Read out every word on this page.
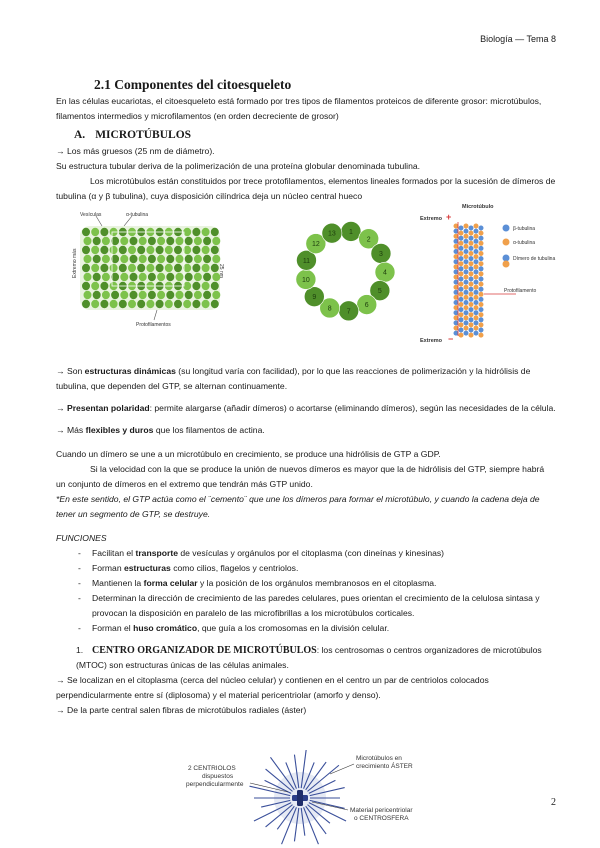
Biología — Tema 8
2.1 Componentes del citoesqueleto

En las células eucariotas, el citoesqueleto está formado por tres tipos de filamentos proteicos de diferente grosor: microtúbulos, filamentos intermedios y microfilamentos (en orden decreciente de grosor)

A. MICROTÚBULOS

→ Los más gruesos (25 nm de diámetro).

Su estructura tubular deriva de la polimerización de una proteína globular denominada tubulina.

Los microtúbulos están constituidos por trece protofilamentos, elementos lineales formados por la sucesión de dímeros de tubulina (α y β tubulina), cuya disposición cilíndrica deja un núcleo central hueco

Vesículas	α-tubulina
Extremo más	25 nm
Protofilamentos
1
2
3
4
5
6
7
8
9
10
11
12
13
Microtúbulo
Extremo +
Extremo −
β-tubulina
α-tubulina
Dímero de tubulina
Protofilamento

→ Son estructuras dinámicas (su longitud varía con facilidad), por lo que las reacciones de polimerización y la hidrólisis de tubulina, que dependen del GTP, se alternan continuamente.

→ Presentan polaridad: permite alargarse (añadir dímeros) o acortarse (eliminando dímeros), según las necesidades de la célula.

→ Más flexibles y duros que los filamentos de actina.

Cuando un dímero se une a un microtúbulo en crecimiento, se produce una hidrólisis de GTP a GDP.

Si la velocidad con la que se produce la unión de nuevos dímeros es mayor que la de hidrólisis del GTP, siempre habrá un conjunto de dímeros en el extremo que tendrán más GTP unido.

*En este sentido, el GTP actúa como el ¨cemento¨ que une los dímeros para formar el microtúbulo, y cuando la cadena deja de tener un segmento de GTP, se destruye.

FUNCIONES

- Facilitan el transporte de vesículas y orgánulos por el citoplasma (con dineínas y kinesinas)
- Forman estructuras como cilios, flagelos y centriolos.
- Mantienen la forma celular y la posición de los orgánulos membranosos en el citoplasma.
- Determinan la dirección de crecimiento de las paredes celulares, pues orientan el crecimiento de la celulosa sintasa y provocan la disposición en paralelo de las microfibrillas a los microtúbulos corticales.
- Forman el huso cromático, que guía a los cromosomas en la división celular.
1. CENTRO ORGANIZADOR DE MICROTÚBULOS: los centrosomas o centros organizadores de microtúbulos (MTOC) son estructuras únicas de las células animales.

→ Se localizan en el citoplasma (cerca del núcleo celular) y contienen en el centro un par de centriolos colocados perpendicularmente entre sí (diplosoma) y el material pericentriolar (amorfo y denso).

→ De la parte central salen fibras de microtúbulos radiales (áster)

2 CENTRIOLOS
dispuestos
perpendicularmente
Microtúbulos en
crecimiento ÁSTER
Material pericentriolar
o CENTROSFERA
2
